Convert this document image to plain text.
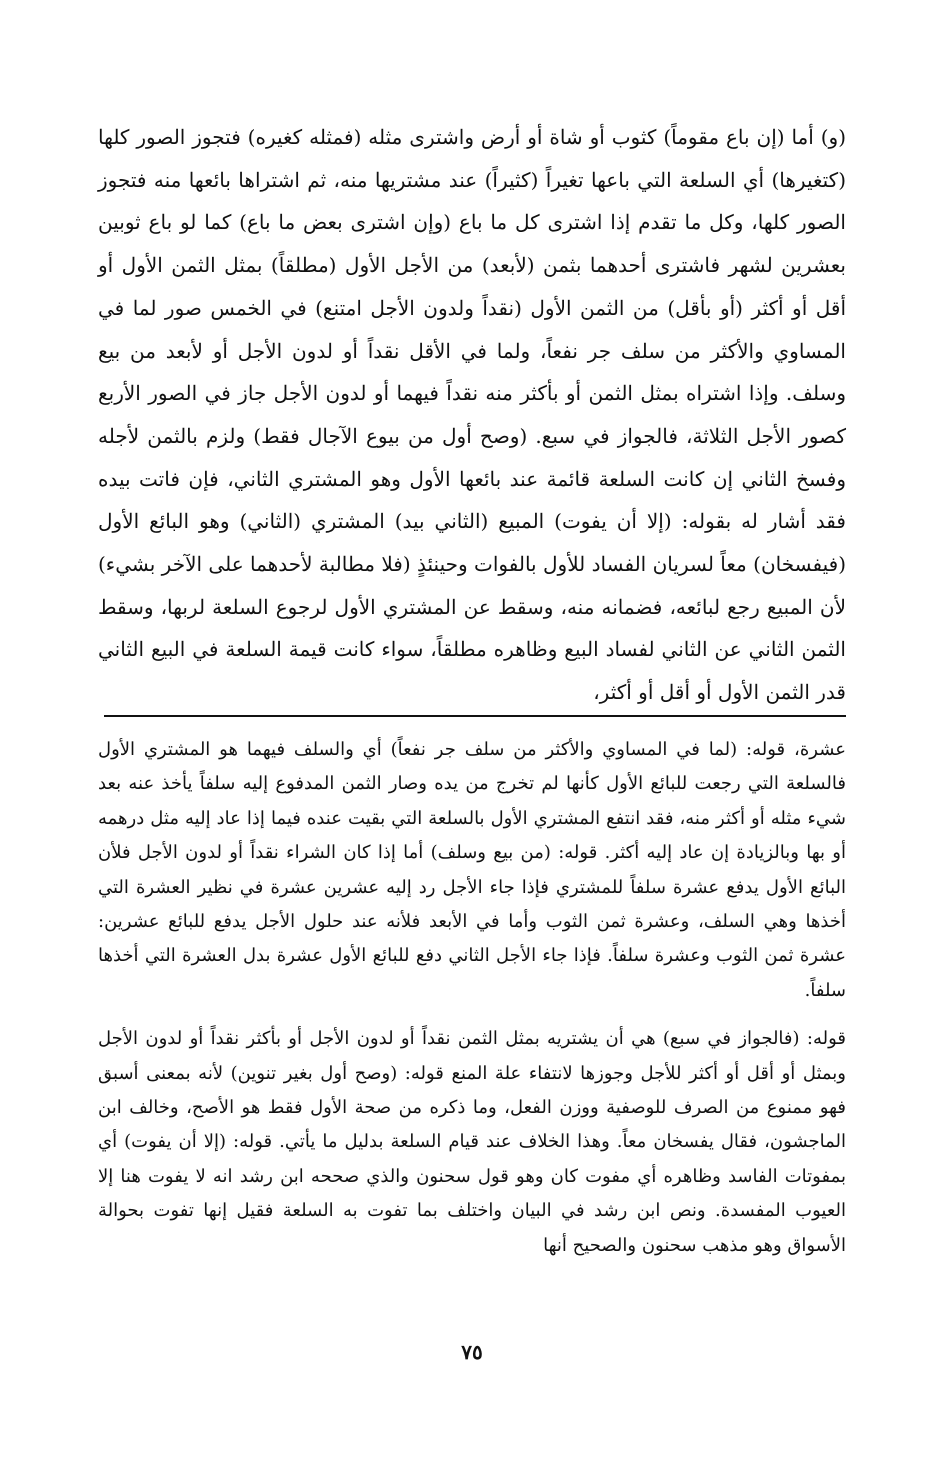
(و) أما (إن باع مقوماً) كثوب أو شاة أو أرض واشترى مثله (فمثله كغيره) فتجوز الصور كلها (كتغيرها) أي السلعة التي باعها تغيراً (كثيراً) عند مشتريها منه، ثم اشتراها بائعها منه فتجوز الصور كلها، وكل ما تقدم إذا اشترى كل ما باع (وإن اشترى بعض ما باع) كما لو باع ثوبين بعشرين لشهر فاشترى أحدهما بثمن (لأبعد) من الأجل الأول (مطلقاً) بمثل الثمن الأول أو أقل أو أكثر (أو بأقل) من الثمن الأول (نقداً ولدون الأجل امتنع) في الخمس صور لما في المساوي والأكثر من سلف جر نفعاً، ولما في الأقل نقداً أو لدون الأجل أو لأبعد من بيع وسلف. وإذا اشتراه بمثل الثمن أو بأكثر منه نقداً فيهما أو لدون الأجل جاز في الصور الأربع كصور الأجل الثلاثة، فالجواز في سبع. (وصح أول من بيوع الآجال فقط) ولزم بالثمن لأجله وفسخ الثاني إن كانت السلعة قائمة عند بائعها الأول وهو المشتري الثاني، فإن فاتت بيده فقد أشار له بقوله: (إلا أن يفوت) المبيع (الثاني بيد) المشتري (الثاني) وهو البائع الأول (فيفسخان) معاً لسريان الفساد للأول بالفوات وحينئذٍ (فلا مطالبة لأحدهما على الآخر بشيء) لأن المبيع رجع لبائعه، فضمانه منه، وسقط عن المشتري الأول لرجوع السلعة لربها، وسقط الثمن الثاني عن الثاني لفساد البيع وظاهره مطلقاً، سواء كانت قيمة السلعة في البيع الثاني قدر الثمن الأول أو أقل أو أكثر،

عشرة، قوله: (لما في المساوي والأكثر من سلف جر نفعاً) أي والسلف فيهما هو المشتري الأول فالسلعة التي رجعت للبائع الأول كأنها لم تخرج من يده وصار الثمن المدفوع إليه سلفاً يأخذ عنه بعد شيء مثله أو أكثر منه، فقد انتفع المشتري الأول بالسلعة التي بقيت عنده فيما إذا عاد إليه مثل درهمه أو بها وبالزيادة إن عاد إليه أكثر. قوله: (من بيع وسلف) أما إذا كان الشراء نقداً أو لدون الأجل فلأن البائع الأول يدفع عشرة سلفاً للمشتري فإذا جاء الأجل رد إليه عشرين عشرة في نظير العشرة التي أخذها وهي السلف، وعشرة ثمن الثوب وأما في الأبعد فلأنه عند حلول الأجل يدفع للبائع عشرين: عشرة ثمن الثوب وعشرة سلفاً. فإذا جاء الأجل الثاني دفع للبائع الأول عشرة بدل العشرة التي أخذها سلفاً.

قوله: (فالجواز في سبع) هي أن يشتريه بمثل الثمن نقداً أو لدون الأجل أو بأكثر نقداً أو لدون الأجل وبمثل أو أقل أو أكثر للأجل وجوزها لانتفاء علة المنع قوله: (وصح أول بغير تنوين) لأنه بمعنى أسبق فهو ممنوع من الصرف للوصفية ووزن الفعل، وما ذكره من صحة الأول فقط هو الأصح، وخالف ابن الماجشون، فقال يفسخان معاً. وهذا الخلاف عند قيام السلعة بدليل ما يأتي. قوله: (إلا أن يفوت) أي بمفوتات الفاسد وظاهره أي مفوت كان وهو قول سحنون والذي صححه ابن رشد انه لا يفوت هنا إلا العيوب المفسدة. ونص ابن رشد في البيان واختلف بما تفوت به السلعة فقيل إنها تفوت بحوالة الأسواق وهو مذهب سحنون والصحيح أنها

٧٥
